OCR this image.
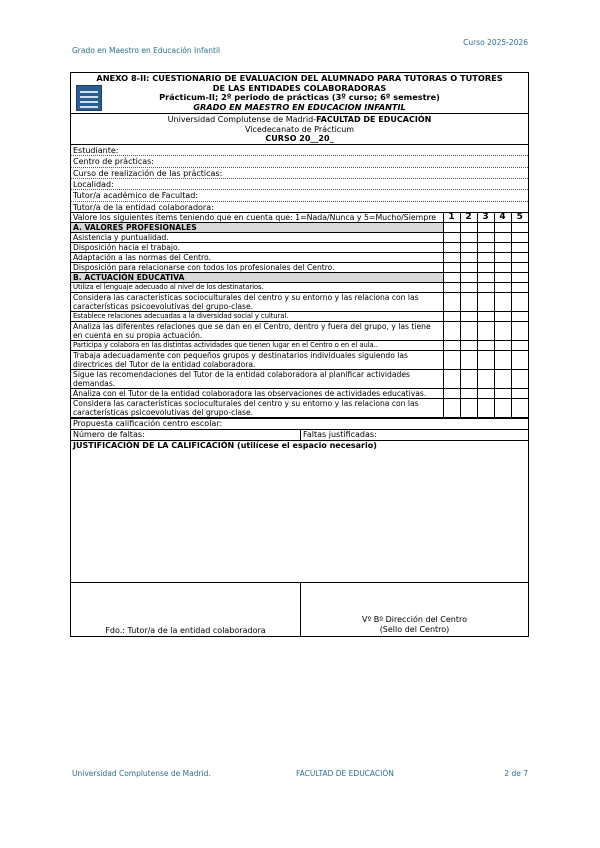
Curso 2025-2026
Grado en Maestro en Educación Infantil
ANEXO 8-II: CUESTIONARIO DE EVALUACION DEL ALUMNADO PARA TUTORAS O TUTORES
DE LAS ENTIDADES COLABORADORAS
Prácticum-II; 2º periodo de prácticas (3º curso; 6º semestre)
GRADO EN MAESTRO EN EDUCACION INFANTIL
Universidad Complutense de Madrid-FACULTAD DE EDUCACIÓN
Vicedecanato de Prácticum
CURSO 20__20_
Estudiante:
Centro de prácticas:
Curso de realización de las prácticas:
Localidad:
Tutor/a académico de Facultad:
Tutor/a de la entidad colaboradora:
Valore los siguientes ítems teniendo que en cuenta que: 1=Nada/Nunca y 5=Mucho/Siempre	1	2	3	4	5
A. VALORES PROFESIONALES					
Asistencia y puntualidad.					
Disposición hacia el trabajo.					
Adaptación a las normas del Centro.					
Disposición para relacionarse con todos los profesionales del Centro.					
B. ACTUACIÓN EDUCATIVA					
Utiliza el lenguaje adecuado al nivel de los destinatarios.					
Considera las características socioculturales del centro y su entorno y las relaciona con las características psicoevolutivas del grupo-clase.					
Establece relaciones adecuadas a la diversidad social y cultural.					
Analiza las diferentes relaciones que se dan en el Centro, dentro y fuera del grupo, y las tiene en cuenta en su propia actuación.					
Participa y colabora en las distintas actividades que tienen lugar en el Centro o en el aula..					
Trabaja adecuadamente con pequeños grupos y destinatarios individuales siguiendo las directrices del Tutor de la entidad colaboradora.					
Sigue las recomendaciones del Tutor de la entidad colaboradora al planificar actividades demandas.					
Analiza con el Tutor de la entidad colaboradora las observaciones de actividades educativas.					
Considera las características socioculturales del centro y su entorno y las relaciona con las características psicoevolutivas del grupo-clase.					
Propuesta calificación centro escolar:
Número de faltas:	Faltas justificadas:
JUSTIFICACIÓN DE LA CALIFICACIÓN (utilícese el espacio necesario)
Fdo.: Tutor/a de la entidad colaboradora
Vº Bº Dirección del Centro
(Sello del Centro)
Universidad Complutense de Madrid.	FACULTAD DE EDUCACIÓN	2 de 7
